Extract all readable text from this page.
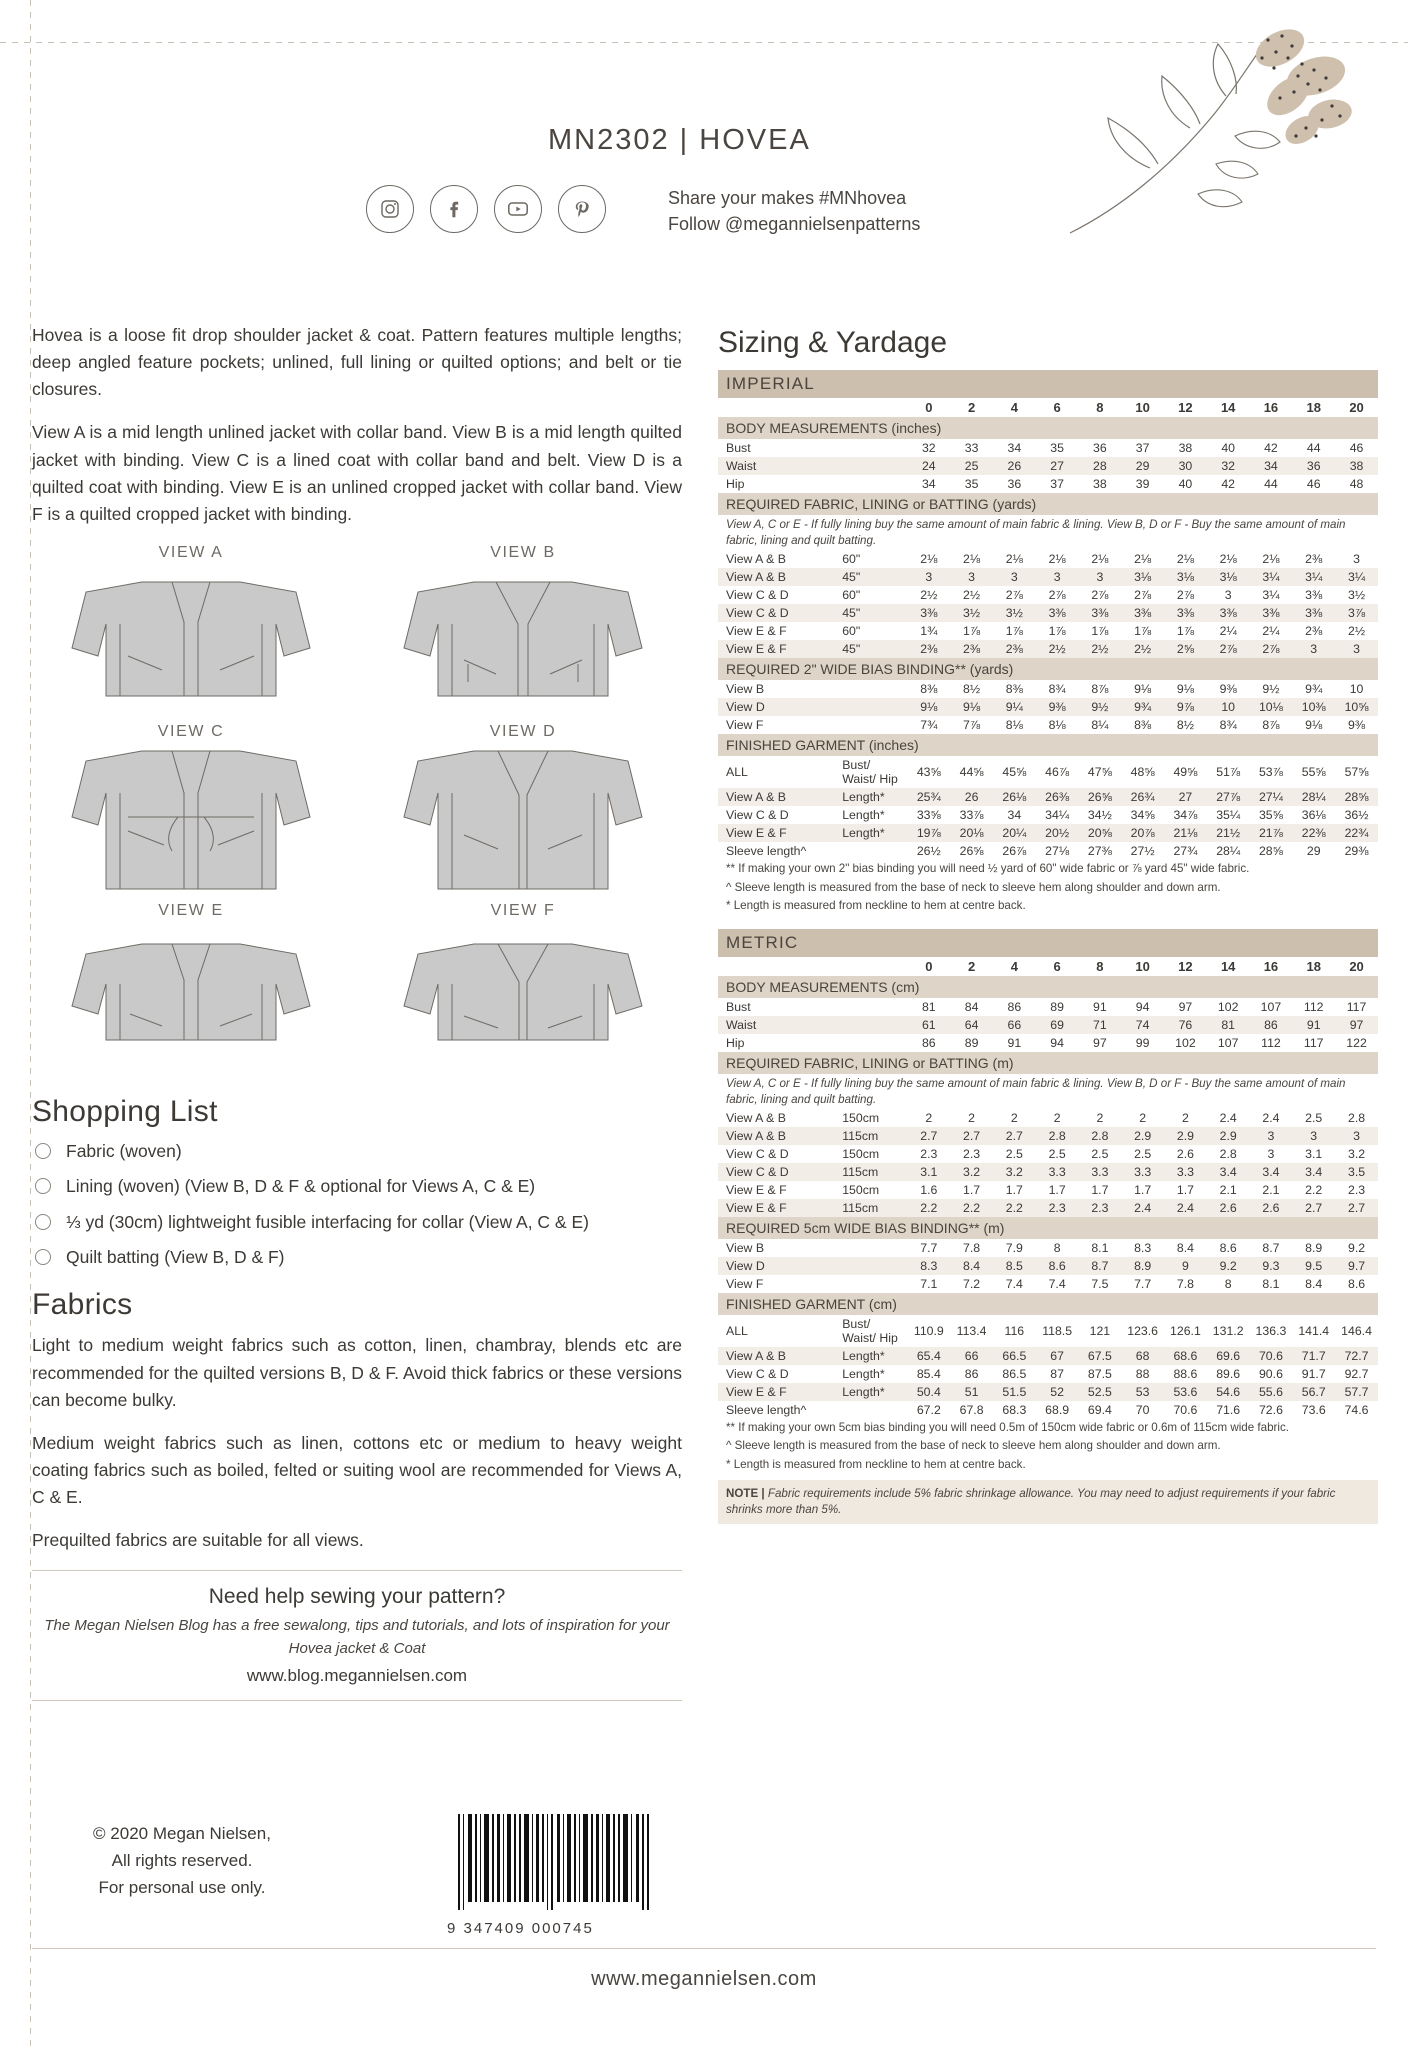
MN2302 | HOVEA
Share your makes #MNhovea
Follow @megannielsenpatterns

Hovea is a loose fit drop shoulder jacket & coat. Pattern features multiple lengths; deep angled feature pockets; unlined, full lining or quilted options; and belt or tie closures.

View A is a mid length unlined jacket with collar band. View B is a mid length quilted jacket with binding. View C is a lined coat with collar band and belt. View D is a quilted coat with binding. View E is an unlined cropped jacket with collar band. View F is a quilted cropped jacket with binding.

VIEW A	VIEW B
VIEW C	VIEW D
VIEW E	VIEW F
Shopping List
Fabric (woven)
Lining (woven) (View B, D & F & optional for Views A, C & E)
⅓ yd (30cm) lightweight fusible interfacing for collar (View A, C & E)
Quilt batting (View B, D & F)
Fabrics

Light to medium weight fabrics such as cotton, linen, chambray, blends etc are recommended for the quilted versions B, D & F. Avoid thick fabrics or these versions can become bulky.

Medium weight fabrics such as linen, cottons etc or medium to heavy weight coating fabrics such as boiled, felted or suiting wool are recommended for Views A, C & E.

Prequilted fabrics are suitable for all views.

Need help sewing your pattern?
The Megan Nielsen Blog has a free sewalong, tips and tutorials, and lots of inspiration for your Hovea jacket & Coat
www.blog.megannielsen.com
© 2020 Megan Nielsen,
All rights reserved.
For personal use only.
9 347409 000745
Sizing & Yardage
IMPERIAL
		0	2	4	6	8	10	12	14	16	18	20
BODY MEASUREMENTS (inches)
Bust		32	33	34	35	36	37	38	40	42	44	46
Waist		24	25	26	27	28	29	30	32	34	36	38
Hip		34	35	36	37	38	39	40	42	44	46	48
REQUIRED FABRIC, LINING or BATTING (yards)
View A, C or E - If fully lining buy the same amount of main fabric & lining. View B, D or F - Buy the same amount of main fabric, lining and quilt batting.
View A & B	60"	2⅛	2⅛	2⅛	2⅛	2⅛	2⅛	2⅛	2⅛	2⅛	2⅜	3
View A & B	45"	3	3	3	3	3	3⅛	3⅛	3⅛	3¼	3¼	3¼
View C & D	60"	2½	2½	2⅞	2⅞	2⅞	2⅞	2⅞	3	3¼	3⅜	3½
View C & D	45"	3⅜	3½	3½	3⅜	3⅜	3⅜	3⅜	3⅜	3⅜	3⅜	3⅞
View E & F	60"	1¾	1⅞	1⅞	1⅞	1⅞	1⅞	1⅞	2¼	2¼	2⅜	2½
View E & F	45"	2⅜	2⅜	2⅜	2½	2½	2½	2⅝	2⅞	2⅞	3	3
REQUIRED 2" WIDE BIAS BINDING** (yards)
View B		8⅜	8½	8⅜	8¾	8⅞	9⅛	9⅛	9⅜	9½	9¾	10
View D		9⅛	9⅛	9¼	9⅜	9½	9¾	9⅞	10	10⅛	10⅜	10⅝
View F		7¾	7⅞	8⅛	8⅛	8¼	8⅜	8½	8¾	8⅞	9⅛	9⅜
FINISHED GARMENT (inches)
ALL	Bust/ Waist/ Hip	43⅝	44⅝	45⅝	46⅞	47⅝	48⅝	49⅝	51⅞	53⅞	55⅝	57⅝
View A & B	Length*	25¾	26	26⅛	26⅜	26⅝	26¾	27	27⅞	27¼	28¼	28⅝
View C & D	Length*	33⅝	33⅞	34	34¼	34½	34⅝	34⅞	35¼	35⅝	36⅛	36½
View E & F	Length*	19⅞	20⅛	20¼	20½	20⅝	20⅞	21⅛	21½	21⅞	22⅜	22¾
Sleeve length^		26½	26⅝	26⅞	27⅛	27⅜	27½	27¾	28¼	28⅝	29	29⅜
** If making your own 2" bias binding you will need ½ yard of 60" wide fabric or ⅞ yard 45" wide fabric.
^ Sleeve length is measured from the base of neck to sleeve hem along shoulder and down arm.
* Length is measured from neckline to hem at centre back.
METRIC
		0	2	4	6	8	10	12	14	16	18	20
BODY MEASUREMENTS (cm)
Bust		81	84	86	89	91	94	97	102	107	112	117
Waist		61	64	66	69	71	74	76	81	86	91	97
Hip		86	89	91	94	97	99	102	107	112	117	122
REQUIRED FABRIC, LINING or BATTING (m)
View A, C or E - If fully lining buy the same amount of main fabric & lining. View B, D or F - Buy the same amount of main fabric, lining and quilt batting.
View A & B	150cm	2	2	2	2	2	2	2	2.4	2.4	2.5	2.8
View A & B	115cm	2.7	2.7	2.7	2.8	2.8	2.9	2.9	2.9	3	3	3
View C & D	150cm	2.3	2.3	2.5	2.5	2.5	2.5	2.6	2.8	3	3.1	3.2
View C & D	115cm	3.1	3.2	3.2	3.3	3.3	3.3	3.3	3.4	3.4	3.4	3.5
View E & F	150cm	1.6	1.7	1.7	1.7	1.7	1.7	1.7	2.1	2.1	2.2	2.3
View E & F	115cm	2.2	2.2	2.2	2.3	2.3	2.4	2.4	2.6	2.6	2.7	2.7
REQUIRED 5cm WIDE BIAS BINDING** (m)
View B		7.7	7.8	7.9	8	8.1	8.3	8.4	8.6	8.7	8.9	9.2
View D		8.3	8.4	8.5	8.6	8.7	8.9	9	9.2	9.3	9.5	9.7
View F		7.1	7.2	7.4	7.4	7.5	7.7	7.8	8	8.1	8.4	8.6
FINISHED GARMENT (cm)
ALL	Bust/ Waist/ Hip	110.9	113.4	116	118.5	121	123.6	126.1	131.2	136.3	141.4	146.4
View A & B	Length*	65.4	66	66.5	67	67.5	68	68.6	69.6	70.6	71.7	72.7
View C & D	Length*	85.4	86	86.5	87	87.5	88	88.6	89.6	90.6	91.7	92.7
View E & F	Length*	50.4	51	51.5	52	52.5	53	53.6	54.6	55.6	56.7	57.7
Sleeve length^		67.2	67.8	68.3	68.9	69.4	70	70.6	71.6	72.6	73.6	74.6
** If making your own 5cm bias binding you will need 0.5m of 150cm wide fabric or 0.6m of 115cm wide fabric.
^ Sleeve length is measured from the base of neck to sleeve hem along shoulder and down arm.
* Length is measured from neckline to hem at centre back.
NOTE | Fabric requirements include 5% fabric shrinkage allowance. You may need to adjust requirements if your fabric shrinks more than 5%.
www.megannielsen.com
